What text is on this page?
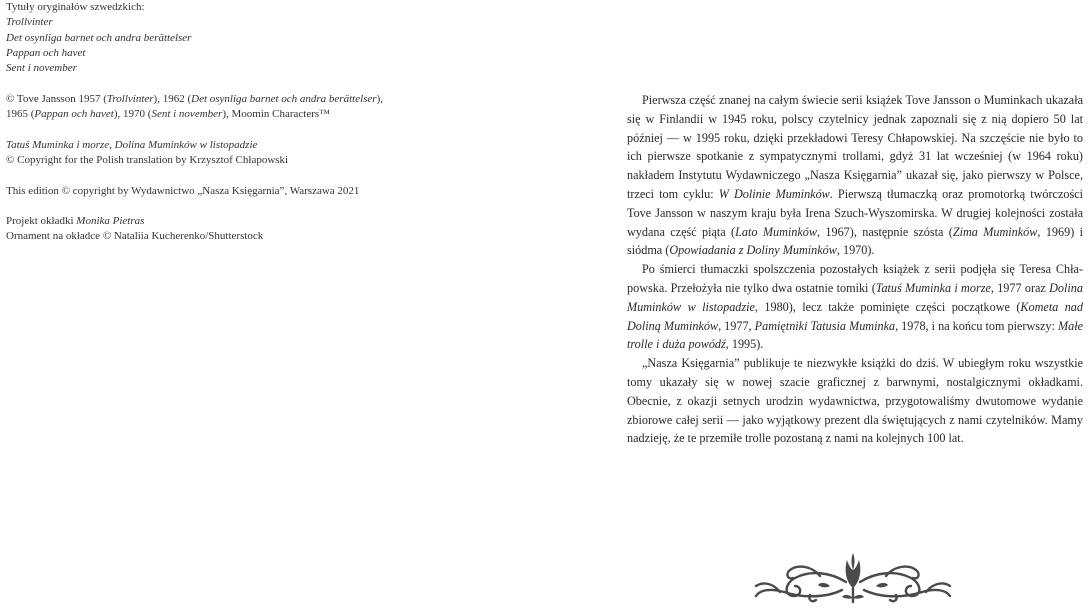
Tytuły oryginałów szwedzkich:
Trollvinter
Det osynliga barnet och andra berättelser
Pappan och havet
Sent i november
© Tove Jansson 1957 (Trollvinter), 1962 (Det osynliga barnet och andra berättelser),
1965 (Pappan och havet), 1970 (Sent i november), Moomin Characters™
Tatuś Muminka i morze, Dolina Muminków w listopadzie
© Copyright for the Polish translation by Krzysztof Chłapowski
This edition © copyright by Wydawnictwo „Nasza Księgarnia”, Warszawa 2021
Projekt okładki Monika Pietras
Ornament na okładce © Nataliia Kucherenko/Shutterstock

Pierwsza część znanej na całym świecie serii książek Tove Jansson o Muminkach ukazała się w Finlandii w 1945 roku, polscy czytelnicy jednak zapoznali się z nią dopiero 50 lat później — w 1995 roku, dzięki przekładowi Teresy Chłapowskiej. Na szczęście nie było to ich pierwsze spotkanie z sympatycznymi trollami, gdyż 31 lat wcześniej (w 1964 roku) nakładem Instytutu Wydawniczego „Nasza Księgarnia” ukazał się, jako pierwszy w Polsce, trzeci tom cyklu: W Dolinie Muminków. Pierwszą tłumaczką oraz promotorką twórczości Tove Jansson w naszym kraju była Irena Szuch-Wyszomirska. W drugiej kolejności została wydana część piąta (Lato Muminków, 1967), następnie szósta (Zima Muminków, 1969) i siódma (Opowiadania z Doliny Muminków, 1970).

Po śmierci tłumaczki spolszczenia pozostałych książek z serii podjęła się Teresa Chłapowska. Przełożyła nie tylko dwa ostatnie tomiki (Tatuś Muminka i morze, 1977 oraz Dolina Muminków w listopadzie, 1980), lecz także pominięte części początkowe (Kometa nad Doliną Muminków, 1977, Pamiętniki Tatusia Muminka, 1978, i na końcu tom pierwszy: Małe trolle i duża powódź, 1995).

„Nasza Księgarnia” publikuje te niezwykłe książki do dziś. W ubiegłym roku wszystkie tomy ukazały się w nowej szacie graficznej z barwnymi, nostalgicznymi okładkami. Obecnie, z okazji setnych urodzin wydawnictwa, przygotowaliśmy dwutomowe wydanie zbiorowe całej serii — jako wyjątkowy prezent dla świętujących z nami czytelników. Mamy nadzieję, że te przemiłe trolle pozostaną z nami na kolejnych 100 lat.
